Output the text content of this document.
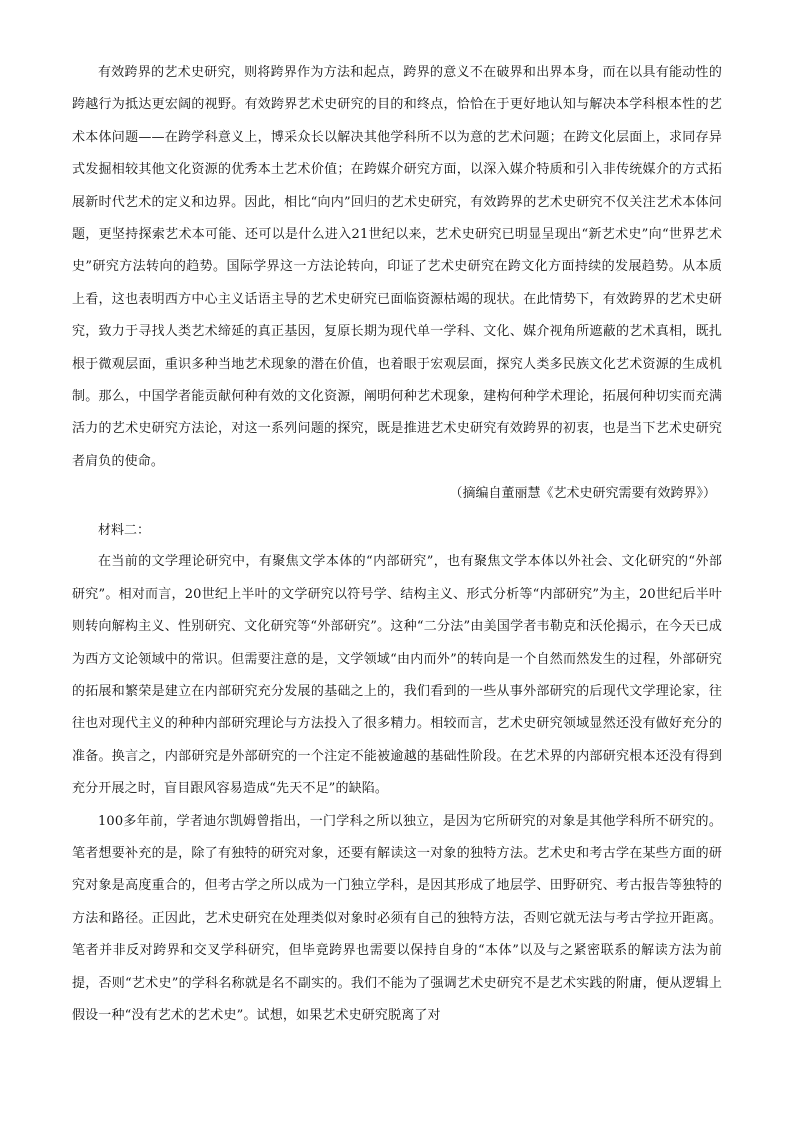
有效跨界的艺术史研究，则将跨界作为方法和起点，跨界的意义不在破界和出界本身，而在以具有能动性的跨越行为抵达更宏阔的视野。有效跨界艺术史研究的目的和终点，恰恰在于更好地认知与解决本学科根本性的艺术本体问题——在跨学科意义上，博采众长以解决其他学科所不以为意的艺术问题；在跨文化层面上，求同存异式发掘相较其他文化资源的优秀本土艺术价值；在跨媒介研究方面，以深入媒介特质和引入非传统媒介的方式拓展新时代艺术的定义和边界。因此，相比“向内”回归的艺术史研究，有效跨界的艺术史研究不仅关注艺术本体问题，更坚持探索艺术本可能、还可以是什么进入21世纪以来，艺术史研究已明显呈现出“新艺术史”向“世界艺术史”研究方法转向的趋势。国际学界这一方法论转向，印证了艺术史研究在跨文化方面持续的发展趋势。从本质上看，这也表明西方中心主义话语主导的艺术史研究已面临资源枯竭的现状。在此情势下，有效跨界的艺术史研究，致力于寻找人类艺术缔延的真正基因，复原长期为现代单一学科、文化、媒介视角所遮蔽的艺术真相，既扎根于微观层面，重识多种当地艺术现象的潜在价值，也着眼于宏观层面，探究人类多民族文化艺术资源的生成机制。那么，中国学者能贡献何种有效的文化资源，阐明何种艺术现象，建构何种学术理论，拓展何种切实而充满活力的艺术史研究方法论，对这一系列问题的探究，既是推进艺术史研究有效跨界的初衷，也是当下艺术史研究者肩负的使命。

（摘编自董丽慧《艺术史研究需要有效跨界》）

材料二：

在当前的文学理论研究中，有聚焦文学本体的“内部研究”，也有聚焦文学本体以外社会、文化研究的“外部研究”。相对而言，20世纪上半叶的文学研究以符号学、结构主义、形式分析等“内部研究”为主，20世纪后半叶则转向解构主义、性别研究、文化研究等“外部研究”。这种“二分法”由美国学者韦勒克和沃伦揭示，在今天已成为西方文论领域中的常识。但需要注意的是，文学领域“由内而外”的转向是一个自然而然发生的过程，外部研究的拓展和繁荣是建立在内部研究充分发展的基础之上的，我们看到的一些从事外部研究的后现代文学理论家，往往也对现代主义的种种内部研究理论与方法投入了很多精力。相较而言，艺术史研究领域显然还没有做好充分的准备。换言之，内部研究是外部研究的一个注定不能被逾越的基础性阶段。在艺术界的内部研究根本还没有得到充分开展之时，盲目跟风容易造成“先天不足”的缺陷。

100多年前，学者迪尔凯姆曾指出，一门学科之所以独立，是因为它所研究的对象是其他学科所不研究的。笔者想要补充的是，除了有独特的研究对象，还要有解读这一对象的独特方法。艺术史和考古学在某些方面的研究对象是高度重合的，但考古学之所以成为一门独立学科，是因其形成了地层学、田野研究、考古报告等独特的方法和路径。正因此，艺术史研究在处理类似对象时必须有自己的独特方法，否则它就无法与考古学拉开距离。笔者并非反对跨界和交叉学科研究，但毕竟跨界也需要以保持自身的“本体”以及与之紧密联系的解读方法为前提，否则“艺术史”的学科名称就是名不副实的。我们不能为了强调艺术史研究不是艺术实践的附庸，便从逻辑上假设一种“没有艺术的艺术史”。试想，如果艺术史研究脱离了对
